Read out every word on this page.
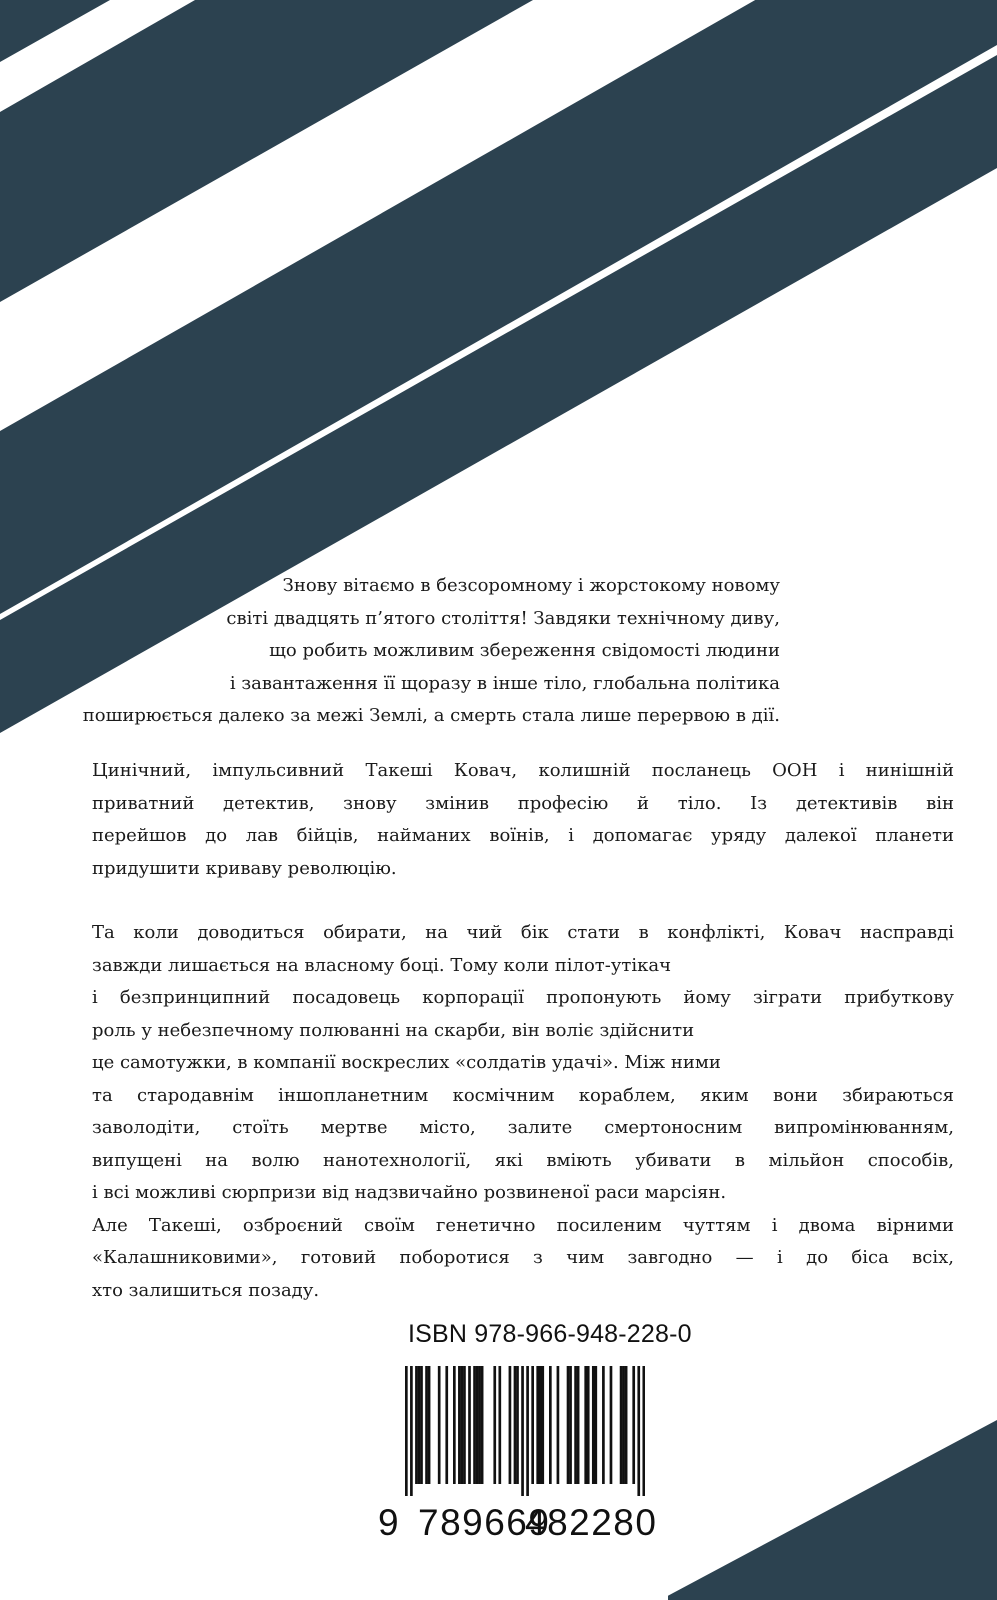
Знову вітаємо в безсоромному і жорстокому новому
світі двадцять п’ятого століття! Завдяки технічному диву,
що робить можливим збереження свідомості людини
і завантаження її щоразу в інше тіло, глобальна політика
поширюється далеко за межі Землі, а смерть стала лише перервою в дії.
Цинічний, імпульсивний Такеші Ковач, колишній посланець ООН і нинішній
приватний детектив, знову змінив професію й тіло. Із детективів він
перейшов до лав бійців, найманих воїнів, і допомагає уряду далекої планети
придушити криваву революцію.
Та коли доводиться обирати, на чий бік стати в конфлікті, Ковач насправді
завжди лишається на власному боці. Тому коли пілот-утікач
і безпринципний посадовець корпорації пропонують йому зіграти прибуткову
роль у небезпечному полюванні на скарби, він воліє здійснити
це самотужки, в компанії воскреслих «солдатів удачі». Між ними
та стародавнім іншопланетним космічним кораблем, яким вони збираються
заволодіти, стоїть мертве місто, залите смертоносним випромінюванням,
випущені на волю нанотехнології, які вміють убивати в мільйон способів,
і всі можливі сюрпризи від надзвичайно розвиненої раси марсіян.
Але Такеші, озброєний своїм генетично посиленим чуттям і двома вірними
«Калашниковими», готовий поборотися з чим завгодно — і до біса всіх,
хто залишиться позаду.
ISBN 978-966-948-228-0
9 789669
482280
